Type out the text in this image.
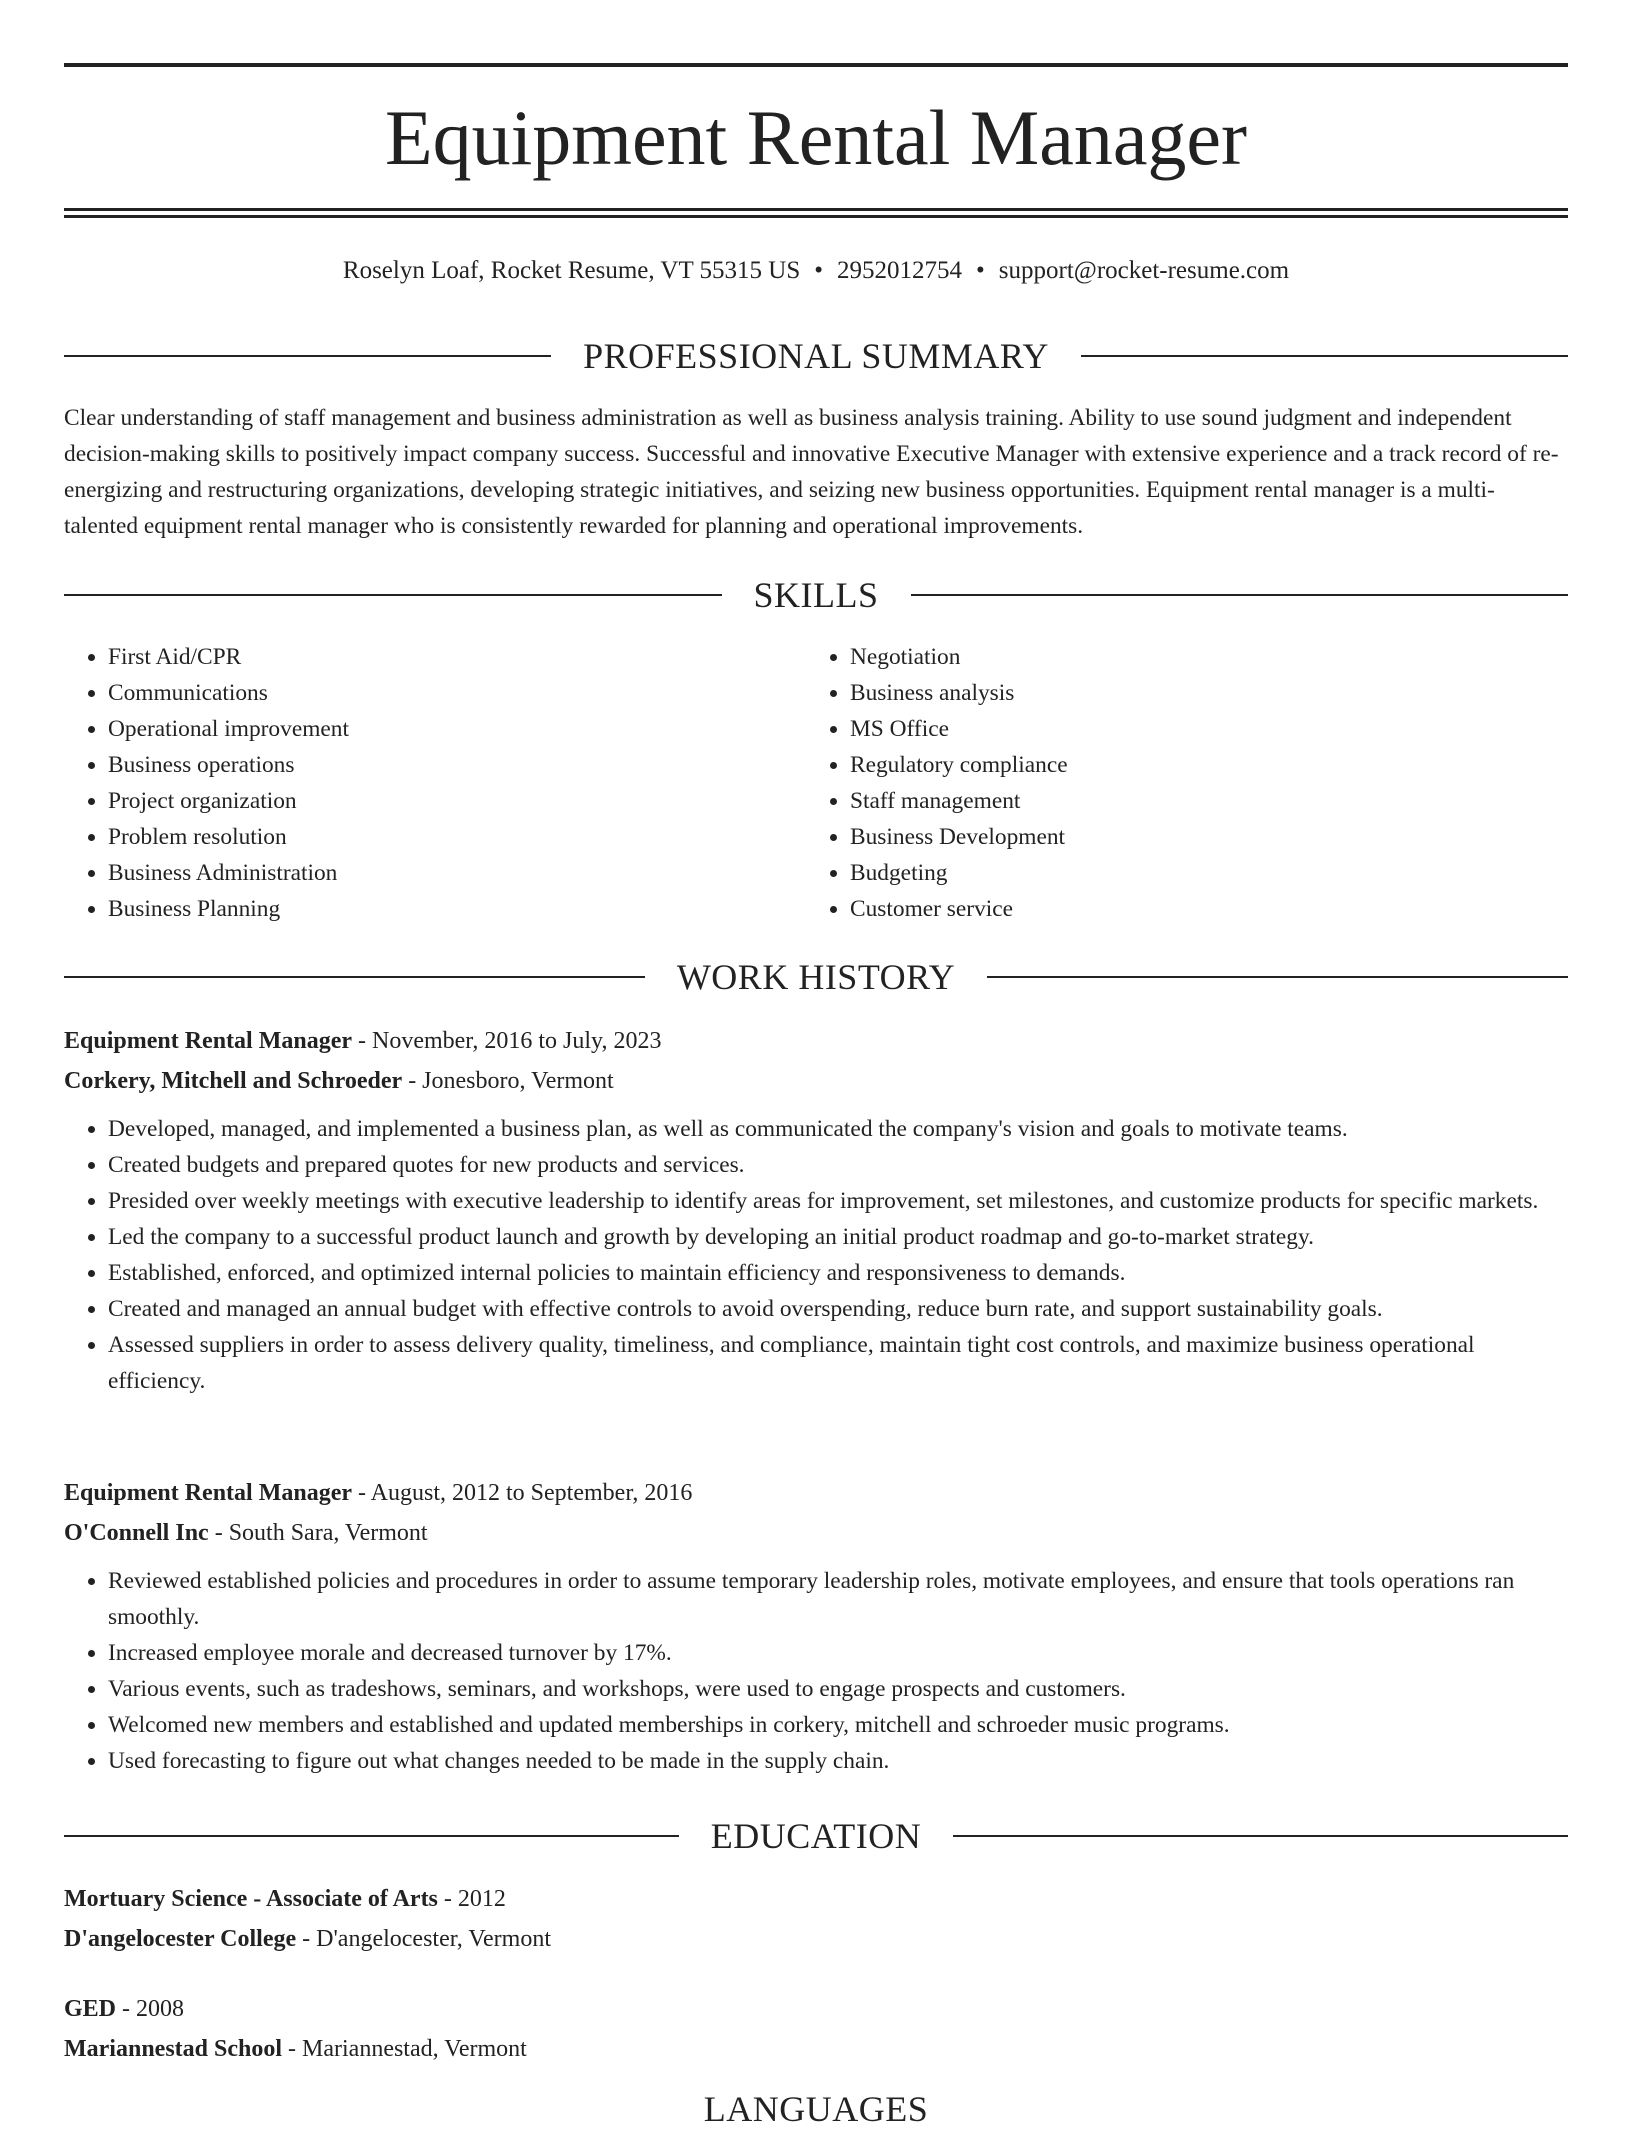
Equipment Rental Manager
Roselyn Loaf, Rocket Resume, VT 55315 US • 2952012754 • support@rocket-resume.com
PROFESSIONAL SUMMARY
Clear understanding of staff management and business administration as well as business analysis training. Ability to use sound judgment and independent decision-making skills to positively impact company success. Successful and innovative Executive Manager with extensive experience and a track record of re-energizing and restructuring organizations, developing strategic initiatives, and seizing new business opportunities. Equipment rental manager is a multi-talented equipment rental manager who is consistently rewarded for planning and operational improvements.
SKILLS
• First Aid/CPR
• Communications
• Operational improvement
• Business operations
• Project organization
• Problem resolution
• Business Administration
• Business Planning
• Negotiation
• Business analysis
• MS Office
• Regulatory compliance
• Staff management
• Business Development
• Budgeting
• Customer service
WORK HISTORY
Equipment Rental Manager - November, 2016 to July, 2023
Corkery, Mitchell and Schroeder - Jonesboro, Vermont
• Developed, managed, and implemented a business plan, as well as communicated the company's vision and goals to motivate teams.
• Created budgets and prepared quotes for new products and services.
• Presided over weekly meetings with executive leadership to identify areas for improvement, set milestones, and customize products for specific markets.
• Led the company to a successful product launch and growth by developing an initial product roadmap and go-to-market strategy.
• Established, enforced, and optimized internal policies to maintain efficiency and responsiveness to demands.
• Created and managed an annual budget with effective controls to avoid overspending, reduce burn rate, and support sustainability goals.
• Assessed suppliers in order to assess delivery quality, timeliness, and compliance, maintain tight cost controls, and maximize business operational efficiency.
Equipment Rental Manager - August, 2012 to September, 2016
O'Connell Inc - South Sara, Vermont
• Reviewed established policies and procedures in order to assume temporary leadership roles, motivate employees, and ensure that tools operations ran smoothly.
• Increased employee morale and decreased turnover by 17%.
• Various events, such as tradeshows, seminars, and workshops, were used to engage prospects and customers.
• Welcomed new members and established and updated memberships in corkery, mitchell and schroeder music programs.
• Used forecasting to figure out what changes needed to be made in the supply chain.
EDUCATION
Mortuary Science - Associate of Arts - 2012
D'angelocester College - D'angelocester, Vermont
GED - 2008
Mariannestad School - Mariannestad, Vermont
LANGUAGES
